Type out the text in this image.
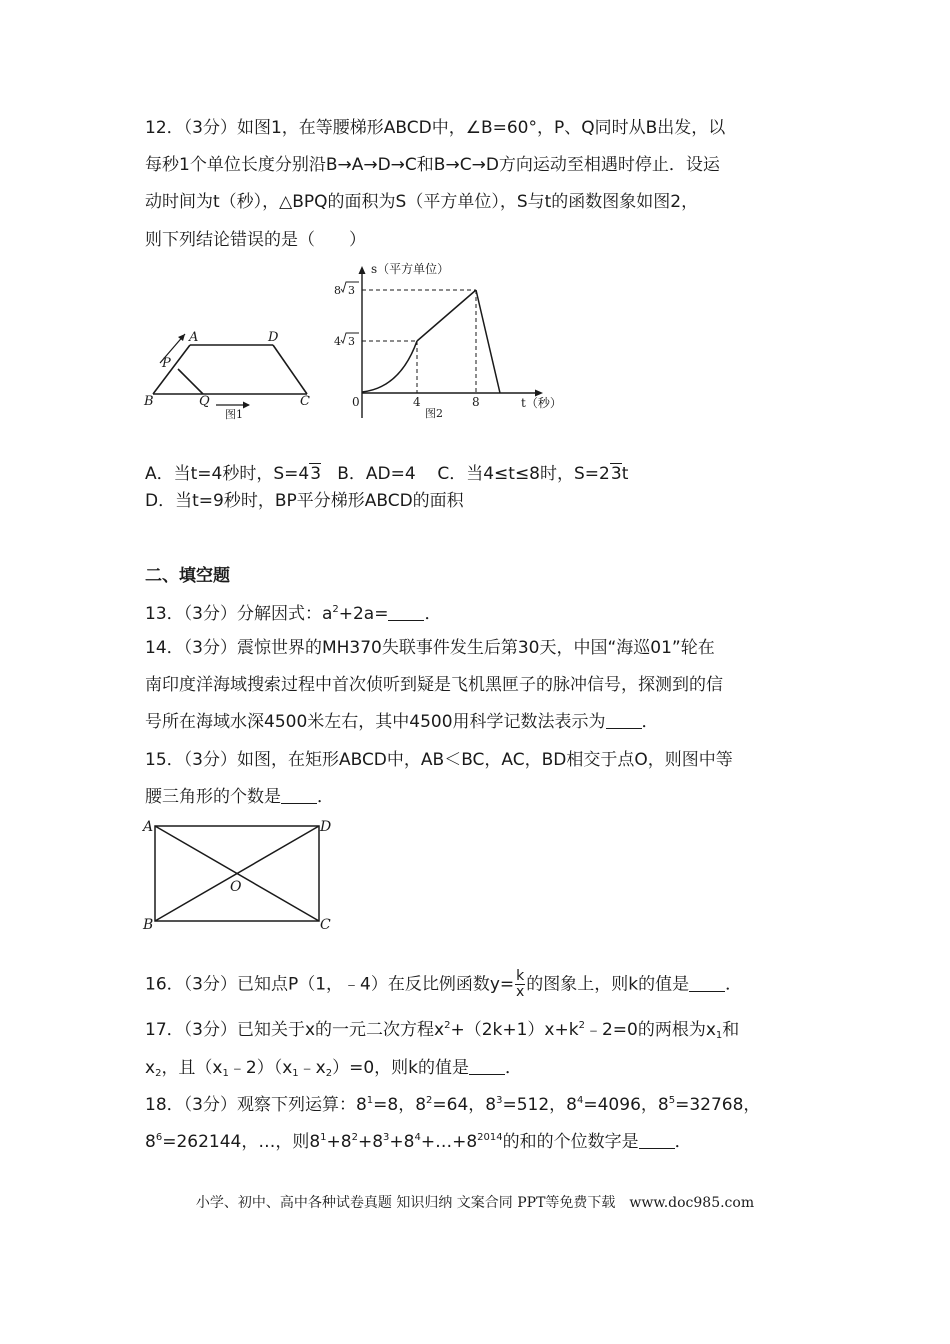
12．（3分）如图1，在等腰梯形ABCD中，∠B=60°，P、Q同时从B出发，以
每秒1个单位长度分别沿B→A→D→C和B→C→D方向运动至相遇时停止．设运
动时间为t（秒），△BPQ的面积为S（平方单位），S与t的函数图象如图2，
则下列结论错误的是（　　）
A	D
P
B	Q	C
图1
s（平方单位）
t（秒）
0	4	8
图2
8 3
4 3
A．当t=4秒时，S=43 B．AD=4 C．当4≤t≤8时，S=23t
D．当t=9秒时，BP平分梯形ABCD的面积
二、填空题
13．（3分）分解因式：$a^2+2a=$ ．
14．（3分）震惊世界的MH370失联事件发生后第30天，中国“海巡01”轮在
南印度洋海域搜索过程中首次侦听到疑是飞机黑匣子的脉冲信号，探测到的信
号所在海域水深4500米左右，其中4500用科学记数法表示为 ．
15．（3分）如图，在矩形ABCD中，AB＜BC，AC，BD相交于点O，则图中等
腰三角形的个数是 ．
A	D
O
B	C
16．（3分）已知点P（1，﹣4）在反比例函数$y= \frac{k}{x}$ 的图象上，则k的值是 ．
17．（3分）已知关于x的一元二次方程$x^2+(2k+1)x+k^2﹣2=0$的两根为$x_1$和
$x_2$，且$(x_1﹣2)(x_1﹣x_2)=0$，则k的值是 ．
18．（3分）观察下列运算：$8^1=8$，$8^2=64$，$8^3=512$，$8^4=4096$，$8^5=32768$，
$8^6=262144$，…，则$8^1+8^2+8^3+8^4+\dots+8^{2014}$的和的个位数字是 ．
小学、初中、高中各种试卷真题 知识归纳 文案合同 PPT等免费下载　www.doc985.com
